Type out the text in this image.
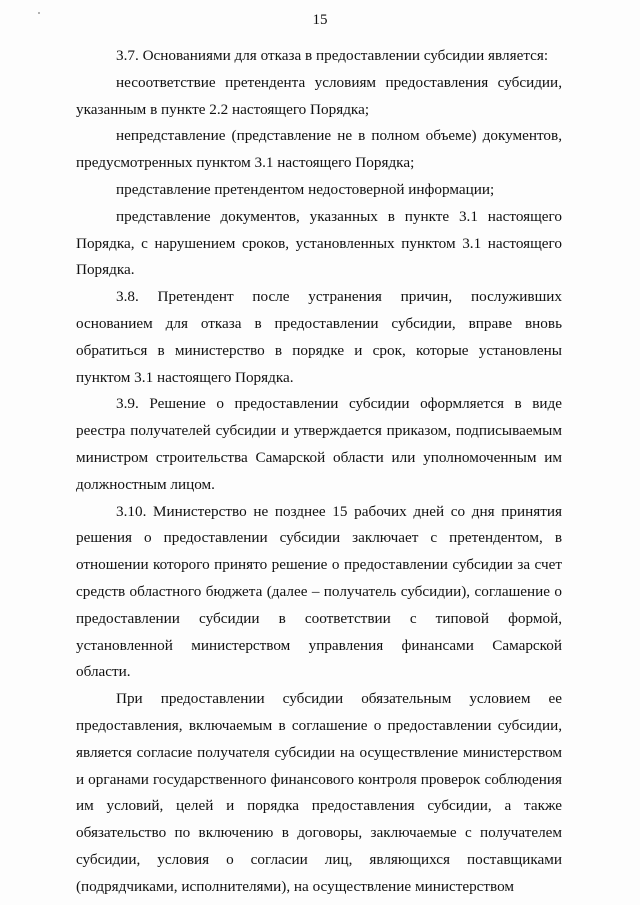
15

3.7. Основаниями для отказа в предоставлении субсидии является:

несоответствие претендента условиям предоставления субсидии, указанным в пункте 2.2 настоящего Порядка;

непредставление (представление не в полном объеме) документов, предусмотренных пунктом 3.1 настоящего Порядка;

представление претендентом недостоверной информации;

представление документов, указанных в пункте 3.1 настоящего Порядка, с нарушением сроков, установленных пунктом 3.1 настоящего Порядка.

3.8. Претендент после устранения причин, послуживших основанием для отказа в предоставлении субсидии, вправе вновь обратиться в министерство в порядке и срок, которые установлены пунктом 3.1 настоящего Порядка.

3.9. Решение о предоставлении субсидии оформляется в виде реестра получателей субсидии и утверждается приказом, подписываемым министром строительства Самарской области или уполномоченным им должностным лицом.

3.10. Министерство не позднее 15 рабочих дней со дня принятия решения о предоставлении субсидии заключает с претендентом, в отношении которого принято решение о предоставлении субсидии за счет средств областного бюджета (далее – получатель субсидии), соглашение о предоставлении субсидии в соответствии с типовой формой, установленной министерством управления финансами Самарской области.

При предоставлении субсидии обязательным условием ее предоставления, включаемым в соглашение о предоставлении субсидии, является согласие получателя субсидии на осуществление министерством и органами государственного финансового контроля проверок соблюдения им условий, целей и порядка предоставления субсидии, а также обязательство по включению в договоры, заключаемые с получателем субсидии, условия о согласии лиц, являющихся поставщиками (подрядчиками, исполнителями), на осуществление министерством
